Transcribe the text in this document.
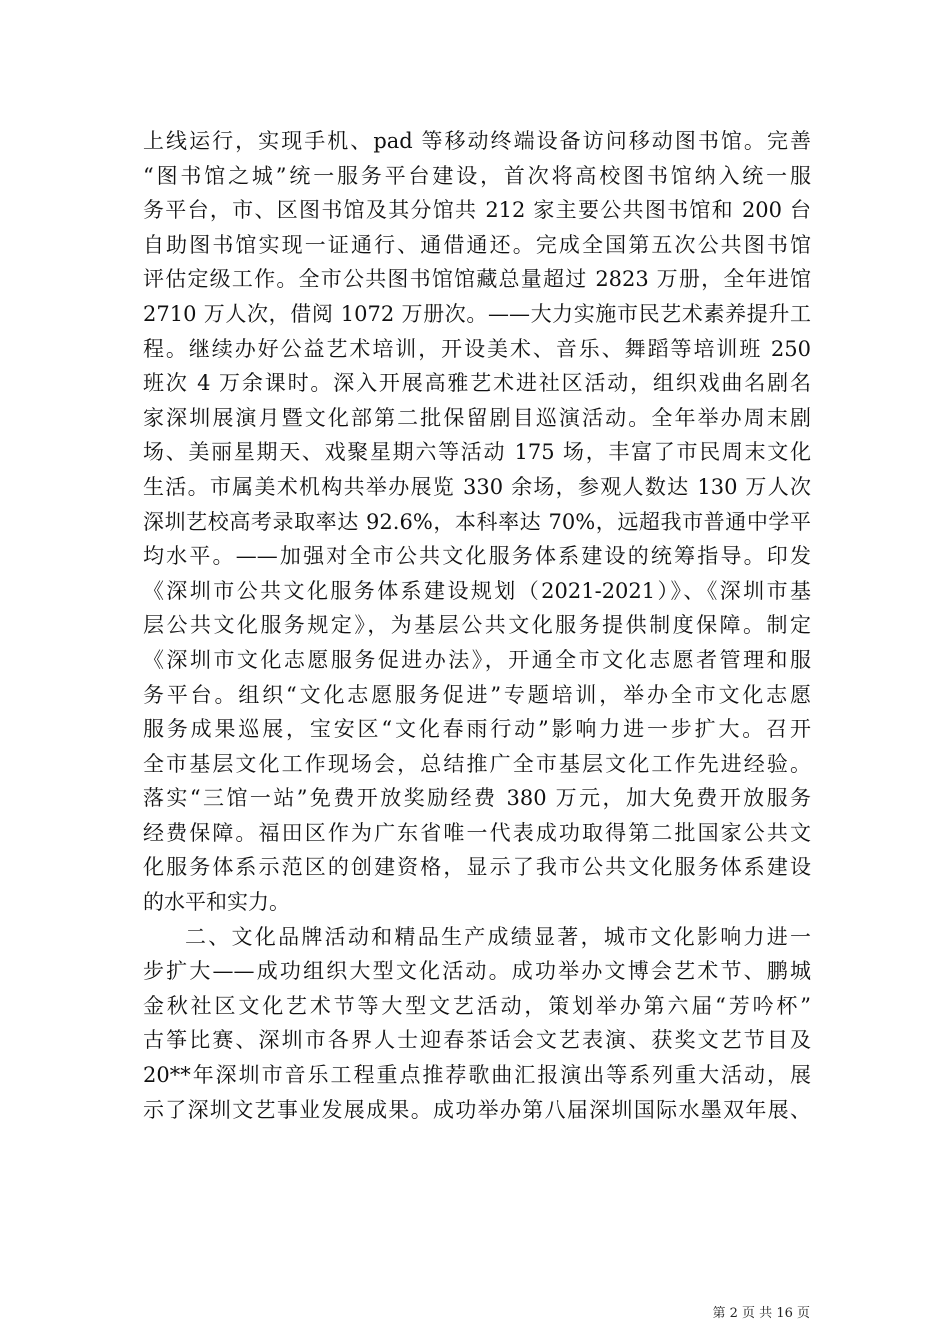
上线运行，实现手机、pad 等移动终端设备访问移动图书馆。完善
“图书馆之城”统一服务平台建设，首次将高校图书馆纳入统一服
务平台，市、区图书馆及其分馆共 212 家主要公共图书馆和 200 台
自助图书馆实现一证通行、通借通还。完成全国第五次公共图书馆
评估定级工作。全市公共图书馆馆藏总量超过 2823 万册，全年进馆
2710 万人次，借阅 1072 万册次。——大力实施市民艺术素养提升工
程。继续办好公益艺术培训，开设美术、音乐、舞蹈等培训班 250
班次 4 万余课时。深入开展高雅艺术进社区活动，组织戏曲名剧名
家深圳展演月暨文化部第二批保留剧目巡演活动。全年举办周末剧
场、美丽星期天、戏聚星期六等活动 175 场，丰富了市民周末文化
生活。市属美术机构共举办展览 330 余场，参观人数达 130 万人次
深圳艺校高考录取率达 92.6%，本科率达 70%，远超我市普通中学平
均水平。——加强对全市公共文化服务体系建设的统筹指导。印发
《深圳市公共文化服务体系建设规划（2021-2021）》、《深圳市基
层公共文化服务规定》，为基层公共文化服务提供制度保障。制定
《深圳市文化志愿服务促进办法》，开通全市文化志愿者管理和服
务平台。组织“文化志愿服务促进”专题培训，举办全市文化志愿
服务成果巡展，宝安区“文化春雨行动”影响力进一步扩大。召开
全市基层文化工作现场会，总结推广全市基层文化工作先进经验。
落实“三馆一站”免费开放奖励经费 380 万元，加大免费开放服务
经费保障。福田区作为广东省唯一代表成功取得第二批国家公共文
化服务体系示范区的创建资格，显示了我市公共文化服务体系建设
的水平和实力。
二、文化品牌活动和精品生产成绩显著，城市文化影响力进一
步扩大——成功组织大型文化活动。成功举办文博会艺术节、鹏城
金秋社区文化艺术节等大型文艺活动，策划举办第六届“芳吟杯”
古筝比赛、深圳市各界人士迎春茶话会文艺表演、获奖文艺节目及
20**年深圳市音乐工程重点推荐歌曲汇报演出等系列重大活动，展
示了深圳文艺事业发展成果。成功举办第八届深圳国际水墨双年展、
第 2 页 共 16 页
